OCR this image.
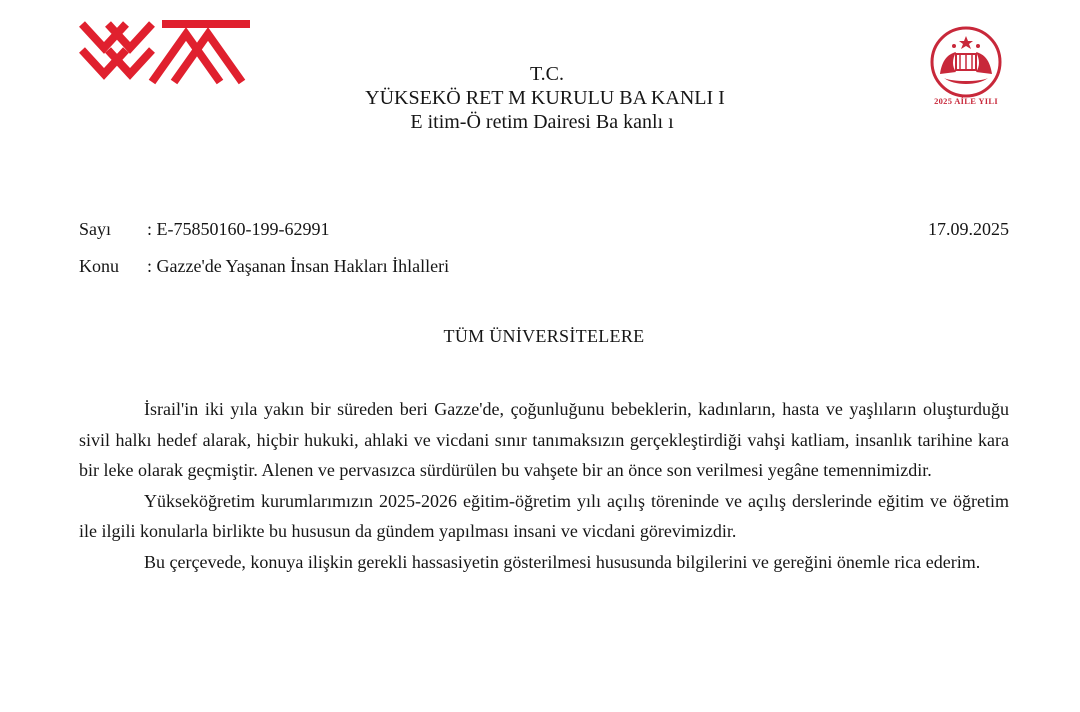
2025 AİLE YILI
T.C.
YÜKSEKÖ RET M KURULU BA KANLI I
E itim-Ö retim Dairesi Ba kanlı ı
Sayı : E-75850160-199-62991	17.09.2025
Konu : Gazze'de Yaşanan İnsan Hakları İhlalleri
TÜM ÜNİVERSİTELERE

İsrail'in iki yıla yakın bir süreden beri Gazze'de, çoğunluğunu bebeklerin, kadınların, hasta ve yaşlıların oluşturduğu sivil halkı hedef alarak, hiçbir hukuki, ahlaki ve vicdani sınır tanımaksızın gerçekleştirdiği vahşi katliam, insanlık tarihine kara bir leke olarak geçmiştir. Alenen ve pervasızca sürdürülen bu vahşete bir an önce son verilmesi yegâne temennimizdir.

Yükseköğretim kurumlarımızın 2025-2026 eğitim-öğretim yılı açılış töreninde ve açılış derslerinde eğitim ve öğretim ile ilgili konularla birlikte bu hususun da gündem yapılması insani ve vicdani görevimizdir.

Bu çerçevede, konuya ilişkin gerekli hassasiyetin gösterilmesi hususunda bilgilerini ve gereğini önemle rica ederim.
